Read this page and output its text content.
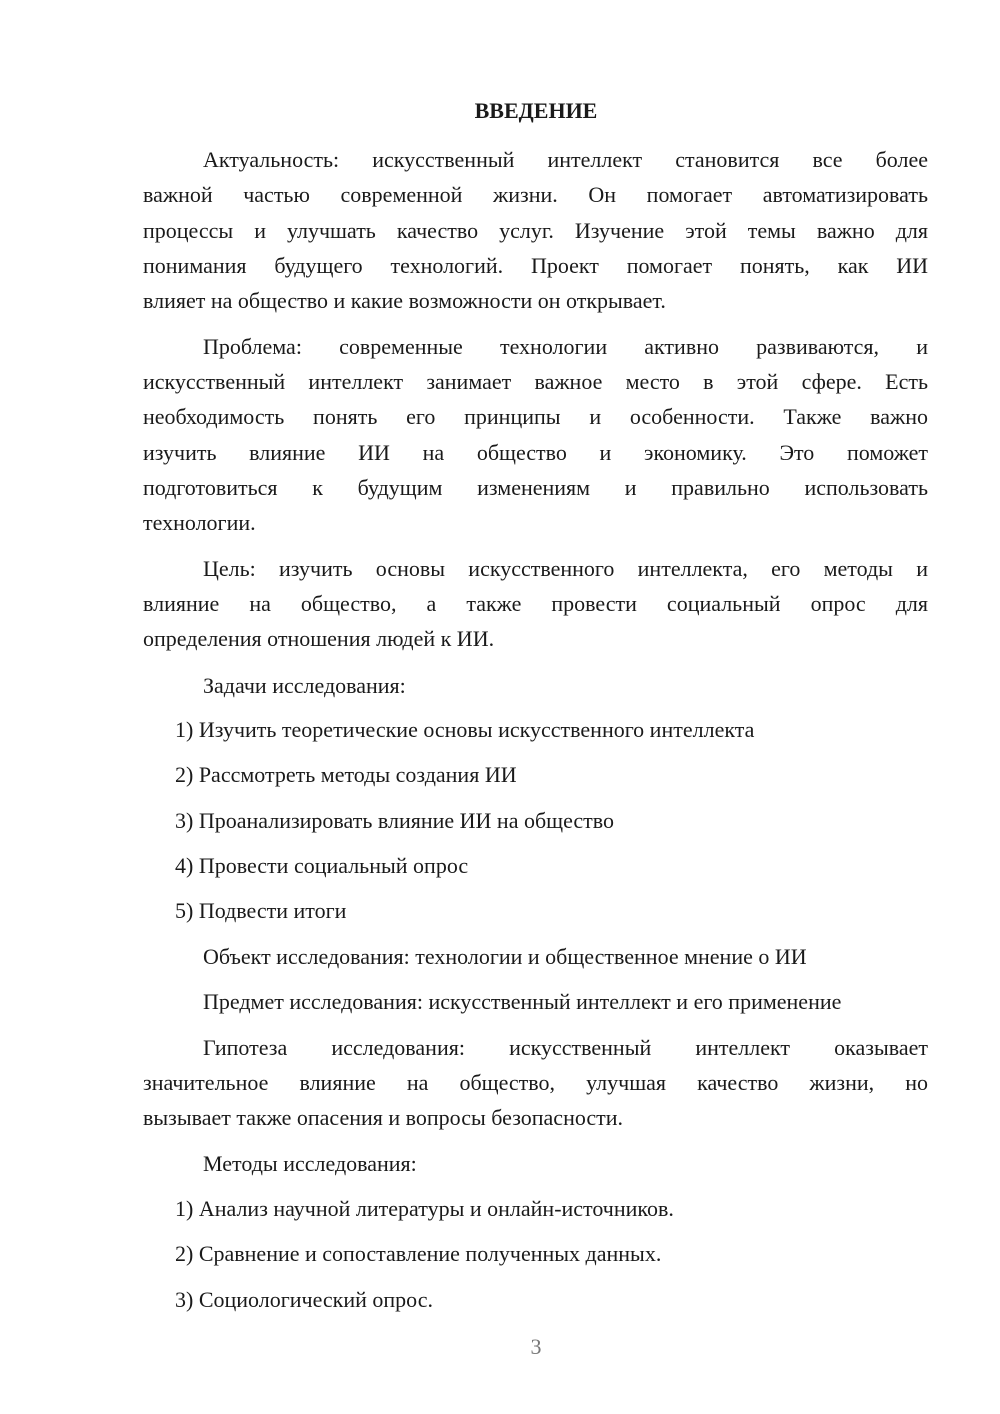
ВВЕДЕНИЕ
Актуальность: искусственный интеллект становится все более
важной частью современной жизни. Он помогает автоматизировать
процессы и улучшать качество услуг. Изучение этой темы важно для
понимания будущего технологий. Проект помогает понять, как ИИ
влияет на общество и какие возможности он открывает.
Проблема: современные технологии активно развиваются, и
искусственный интеллект занимает важное место в этой сфере. Есть
необходимость понять его принципы и особенности. Также важно
изучить влияние ИИ на общество и экономику. Это поможет
подготовиться к будущим изменениям и правильно использовать
технологии.
Цель: изучить основы искусственного интеллекта, его методы и
влияние на общество, а также провести социальный опрос для
определения отношения людей к ИИ.
Задачи исследования:
1) Изучить теоретические основы искусственного интеллекта
2) Рассмотреть методы создания ИИ
3) Проанализировать влияние ИИ на общество
4) Провести социальный опрос
5) Подвести итоги
Объект исследования: технологии и общественное мнение о ИИ
Предмет исследования: искусственный интеллект и его применение
Гипотеза исследования: искусственный интеллект оказывает
значительное влияние на общество, улучшая качество жизни, но
вызывает также опасения и вопросы безопасности.
Методы исследования:
1) Анализ научной литературы и онлайн-источников.
2) Сравнение и сопоставление полученных данных.
3) Социологический опрос.
3
